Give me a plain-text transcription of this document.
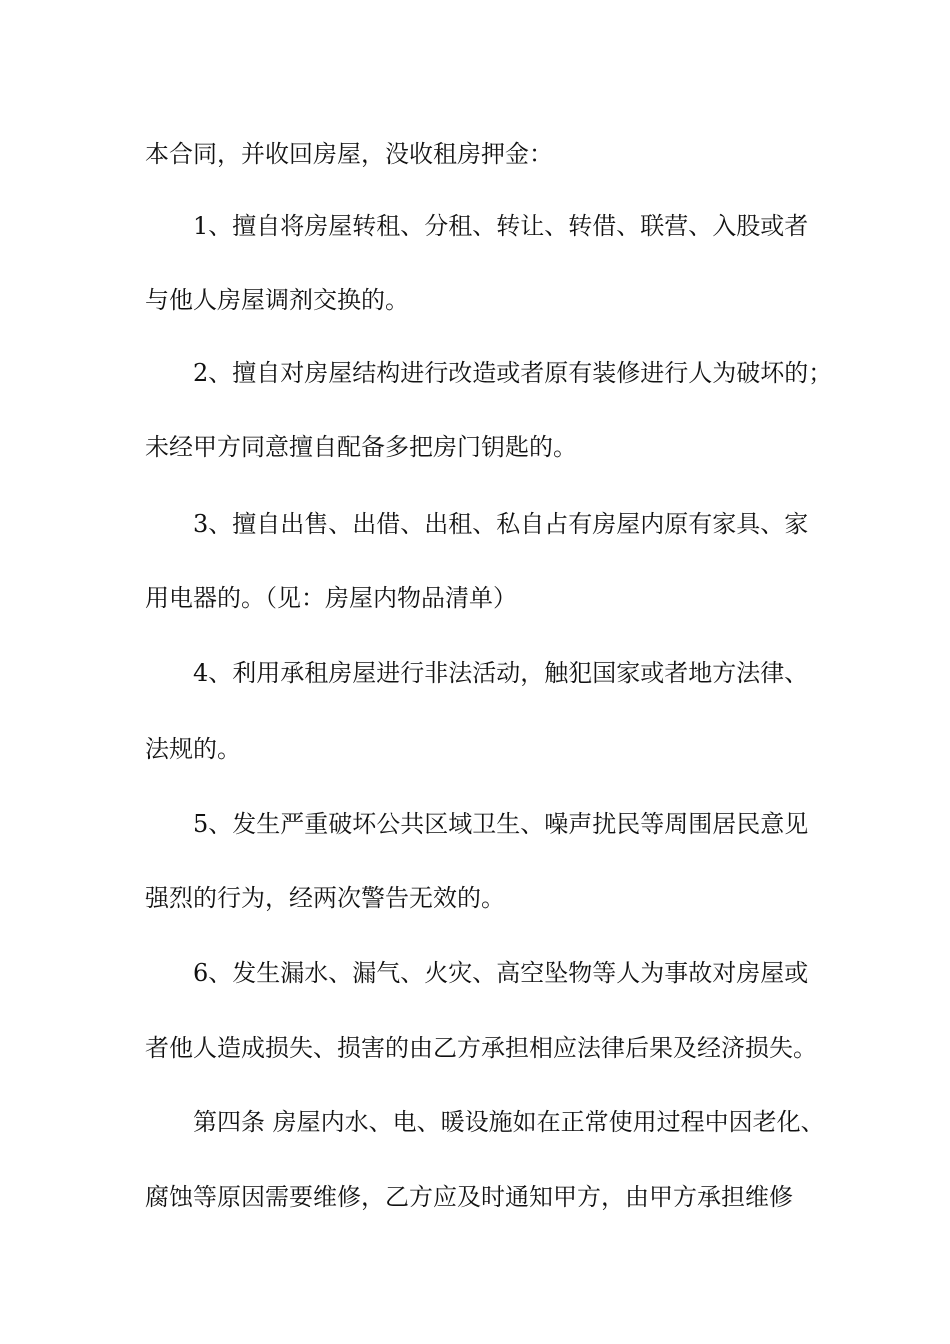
本合同，并收回房屋，没收租房押金：
1、擅自将房屋转租、分租、转让、转借、联营、入股或者
与他人房屋调剂交换的。
2、擅自对房屋结构进行改造或者原有装修进行人为破坏的；
未经甲方同意擅自配备多把房门钥匙的。
3、擅自出售、出借、出租、私自占有房屋内原有家具、家
用电器的。（见：房屋内物品清单）
4、利用承租房屋进行非法活动，触犯国家或者地方法律、
法规的。
5、发生严重破坏公共区域卫生、噪声扰民等周围居民意见
强烈的行为，经两次警告无效的。
6、发生漏水、漏气、火灾、高空坠物等人为事故对房屋或
者他人造成损失、损害的由乙方承担相应法律后果及经济损失。
第四条 房屋内水、电、暖设施如在正常使用过程中因老化、
腐蚀等原因需要维修，乙方应及时通知甲方，由甲方承担维修
